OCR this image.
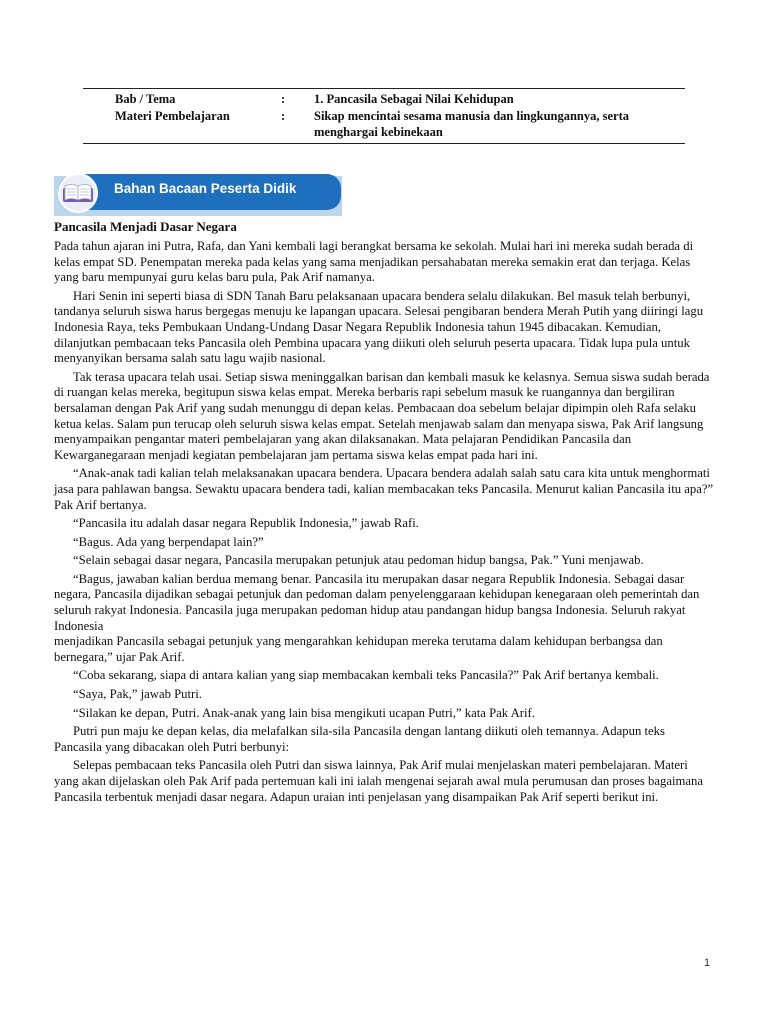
Bab / Tema	: 1. Pancasila Sebagai Nilai Kehidupan
Materi Pembelajaran	: Sikap mencintai sesama manusia dan lingkungannya, serta menghargai kebinekaan
Bahan Bacaan Peserta Didik

Pancasila Menjadi Dasar Negara

Pada tahun ajaran ini Putra, Rafa, dan Yani kembali lagi berangkat bersama ke sekolah. Mulai hari ini mereka sudah berada di kelas empat SD. Penempatan mereka pada kelas yang sama menjadikan persahabatan mereka semakin erat dan terjaga. Kelas yang baru mempunyai guru kelas baru pula, Pak Arif namanya.

Hari Senin ini seperti biasa di SDN Tanah Baru pelaksanaan upacara bendera selalu dilakukan. Bel masuk telah berbunyi, tandanya seluruh siswa harus bergegas menuju ke lapangan upacara. Selesai pengibaran bendera Merah Putih yang diiringi lagu Indonesia Raya, teks Pembukaan Undang-Undang Dasar Negara Republik Indonesia tahun 1945 dibacakan. Kemudian, dilanjutkan pembacaan teks Pancasila oleh Pembina upacara yang diikuti oleh seluruh peserta upacara. Tidak lupa pula untuk menyanyikan bersama salah satu lagu wajib nasional.

Tak terasa upacara telah usai. Setiap siswa meninggalkan barisan dan kembali masuk ke kelasnya. Semua siswa sudah berada di ruangan kelas mereka, begitupun siswa kelas empat. Mereka berbaris rapi sebelum masuk ke ruangannya dan bergiliran bersalaman dengan Pak Arif yang sudah menunggu di depan kelas. Pembacaan doa sebelum belajar dipimpin oleh Rafa selaku ketua kelas. Salam pun terucap oleh seluruh siswa kelas empat. Setelah menjawab salam dan menyapa siswa, Pak Arif langsung menyampaikan pengantar materi pembelajaran yang akan dilaksanakan. Mata pelajaran Pendidikan Pancasila dan Kewarganegaraan menjadi kegiatan pembelajaran jam pertama siswa kelas empat pada hari ini.

“Anak-anak tadi kalian telah melaksanakan upacara bendera. Upacara bendera adalah salah satu cara kita untuk menghormati jasa para pahlawan bangsa. Sewaktu upacara bendera tadi, kalian membacakan teks Pancasila. Menurut kalian Pancasila itu apa?” Pak Arif bertanya.

“Pancasila itu adalah dasar negara Republik Indonesia,” jawab Rafi.

“Bagus. Ada yang berpendapat lain?”

“Selain sebagai dasar negara, Pancasila merupakan petunjuk atau pedoman hidup bangsa, Pak.” Yuni menjawab.

“Bagus, jawaban kalian berdua memang benar. Pancasila itu merupakan dasar negara Republik Indonesia. Sebagai dasar negara, Pancasila dijadikan sebagai petunjuk dan pedoman dalam penyelenggaraan kehidupan kenegaraan oleh pemerintah dan seluruh rakyat Indonesia. Pancasila juga merupakan pedoman hidup atau pandangan hidup bangsa Indonesia. Seluruh rakyat Indonesia

menjadikan Pancasila sebagai petunjuk yang mengarahkan kehidupan mereka terutama dalam kehidupan berbangsa dan bernegara,” ujar Pak Arif.

“Coba sekarang, siapa di antara kalian yang siap membacakan kembali teks Pancasila?” Pak Arif bertanya kembali.

“Saya, Pak,” jawab Putri.

“Silakan ke depan, Putri. Anak-anak yang lain bisa mengikuti ucapan Putri,” kata Pak Arif.

Putri pun maju ke depan kelas, dia melafalkan sila-sila Pancasila dengan lantang diikuti oleh temannya. Adapun teks Pancasila yang dibacakan oleh Putri berbunyi:

Selepas pembacaan teks Pancasila oleh Putri dan siswa lainnya, Pak Arif mulai menjelaskan materi pembelajaran. Materi yang akan dijelaskan oleh Pak Arif pada pertemuan kali ini ialah mengenai sejarah awal mula perumusan dan proses bagaimana Pancasila terbentuk menjadi dasar negara. Adapun uraian inti penjelasan yang disampaikan Pak Arif seperti berikut ini.

1
